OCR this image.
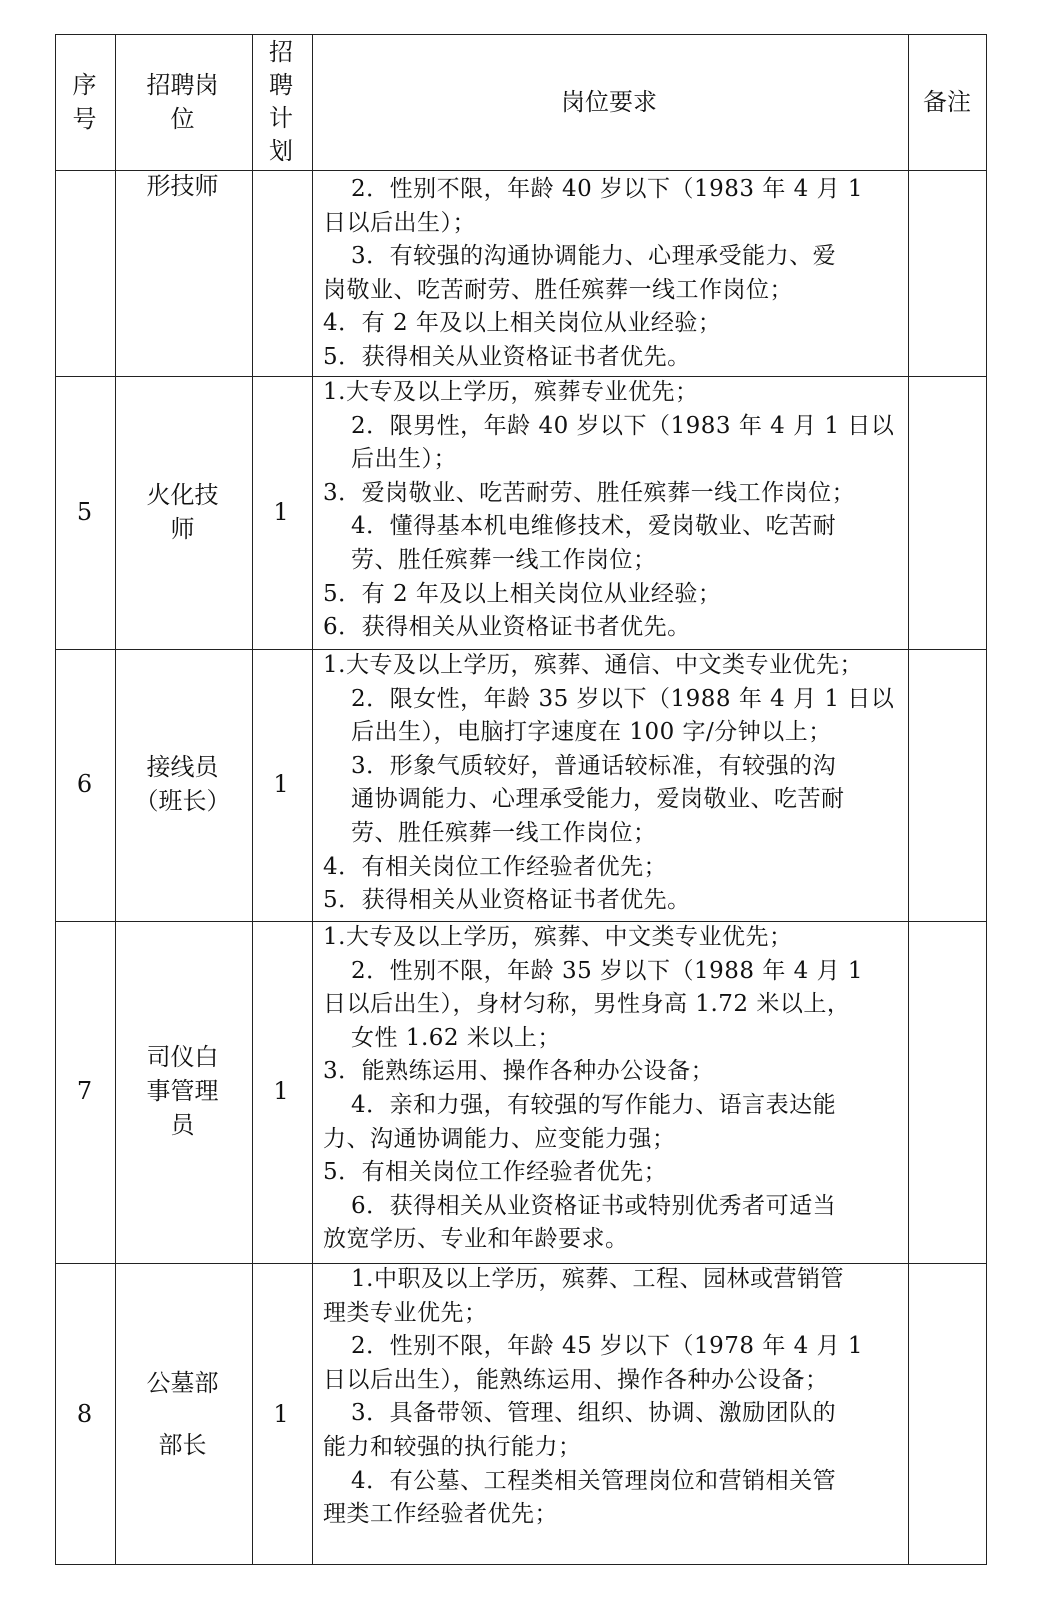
序
号
招聘岗
位
招
聘
计
划
岗位要求	备注
形技师	2．性别不限，年龄 40 岁以下（1983 年 4 月 1
日以后出生）；
3．有较强的沟通协调能力、心理承受能力、爱
岗敬业、吃苦耐劳、胜任殡葬一线工作岗位；
4．有 2 年及以上相关岗位从业经验；
5．获得相关从业资格证书者优先。
5
火化技
师
1
1.大专及以上学历，殡葬专业优先；
2．限男性，年龄 40 岁以下（1983 年 4 月 1 日以
后出生）；
3．爱岗敬业、吃苦耐劳、胜任殡葬一线工作岗位；
4．懂得基本机电维修技术，爱岗敬业、吃苦耐
劳、胜任殡葬一线工作岗位；
5．有 2 年及以上相关岗位从业经验；
6．获得相关从业资格证书者优先。
6
接线员
（班长）
1
1.大专及以上学历，殡葬、通信、中文类专业优先；
2．限女性，年龄 35 岁以下（1988 年 4 月 1 日以
后出生），电脑打字速度在 100 字/分钟以上；
3．形象气质较好，普通话较标准，有较强的沟
通协调能力、心理承受能力，爱岗敬业、吃苦耐
劳、胜任殡葬一线工作岗位；
4．有相关岗位工作经验者优先；
5．获得相关从业资格证书者优先。
7
司仪白
事管理
员
1
1.大专及以上学历，殡葬、中文类专业优先；
2．性别不限，年龄 35 岁以下（1988 年 4 月 1
日以后出生），身材匀称，男性身高 1.72 米以上，
女性 1.62 米以上；
3．能熟练运用、操作各种办公设备；
4．亲和力强，有较强的写作能力、语言表达能
力、沟通协调能力、应变能力强；
5．有相关岗位工作经验者优先；
6．获得相关从业资格证书或特别优秀者可适当
放宽学历、专业和年龄要求。
8
公墓部
部长
1
1.中职及以上学历，殡葬、工程、园林或营销管
理类专业优先；
2．性别不限，年龄 45 岁以下（1978 年 4 月 1
日以后出生），能熟练运用、操作各种办公设备；
3．具备带领、管理、组织、协调、激励团队的
能力和较强的执行能力；
4．有公墓、工程类相关管理岗位和营销相关管
理类工作经验者优先；
